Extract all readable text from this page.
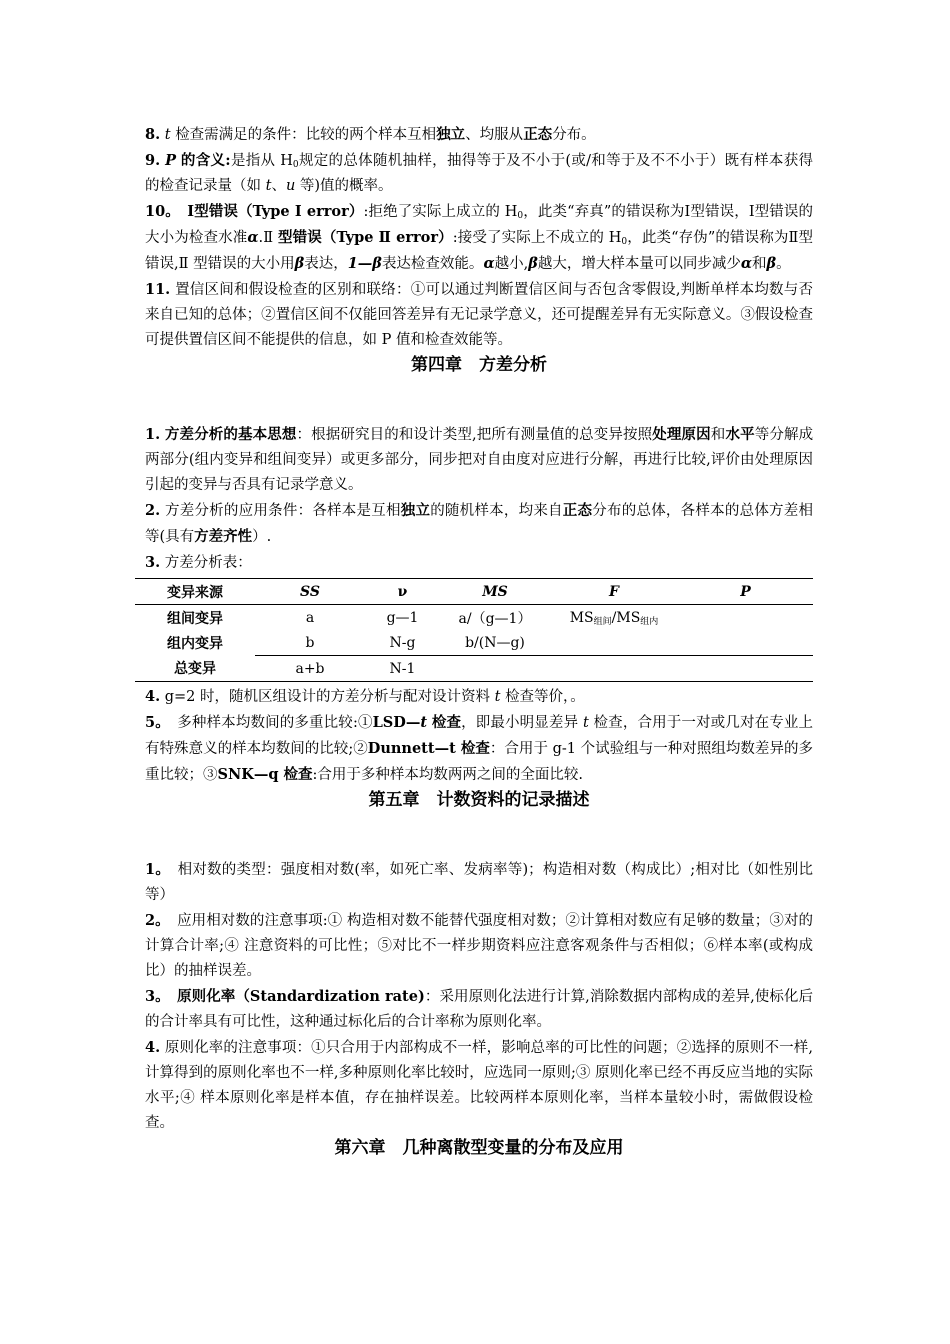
8. t 检查需满足的条件：比较的两个样本互相独立、均服从正态分布。

9. P 的含义:是指从 $H_0$规定的总体随机抽样，抽得等于及不小于(或/和等于及不不小于）既有样本获得的检查记录量（如 t、u 等)值的概率。

10。　 Ⅰ型错误（Type Ⅰ error）:拒绝了实际上成立的 $H_0$，此类“弃真”的错误称为Ⅰ型错误，Ⅰ型错误的大小为检查水准α.Ⅱ 型错误（Type Ⅱ error）:接受了实际上不成立的 $H_0$，此类“存伪”的错误称为Ⅱ型错误,Ⅱ 型错误的大小用β表达，1—β表达检查效能。α越小,β越大，增大样本量可以同步减少α和β。

11. 置信区间和假设检查的区别和联络：①可以通过判断置信区间与否包含零假设,判断单样本均数与否来自已知的总体；②置信区间不仅能回答差异有无记录学意义，还可提醒差异有无实际意义。③假设检查可提供置信区间不能提供的信息，如 P 值和检查效能等。

第四章　方差分析

1. 方差分析的基本思想：根据研究目的和设计类型,把所有测量值的总变异按照处理原因和水平等分解成两部分(组内变异和组间变异）或更多部分，同步把对自由度对应进行分解，再进行比较,评价由处理原因引起的变异与否具有记录学意义。

2. 方差分析的应用条件：各样本是互相独立的随机样本，均来自正态分布的总体，各样本的总体方差相等(具有方差齐性）.

3. 方差分析表：

变异来源	SS	ν	MS	F	P
组间变异	a	g—1	a/（g—1）	$MS_{组间}/MS_{组内}$	
组内变异	b	N-g	b/(N—g)		
总变异	a+b	N-1			

4. g=2 时，随机区组设计的方差分析与配对设计资料 t 检查等价，。

5。　 多种样本均数间的多重比较:①LSD—t 检查，即最小明显差异 t 检查，合用于一对或几对在专业上有特殊意义的样本均数间的比较;②Dunnett—t 检查：合用于 g-1 个试验组与一种对照组均数差异的多重比较；③SNK—q 检查:合用于多种样本均数两两之间的全面比较.

第五章　计数资料的记录描述

1。　 相对数的类型：强度相对数(率，如死亡率、发病率等)；构造相对数（构成比）;相对比（如性别比等）

2。　 应用相对数的注意事项:① 构造相对数不能替代强度相对数；②计算相对数应有足够的数量；③对的计算合计率;④ 注意资料的可比性；⑤对比不一样步期资料应注意客观条件与否相似；⑥样本率(或构成比）的抽样误差。

3。　 原则化率（Standardization rate)：采用原则化法进行计算,消除数据内部构成的差异,使标化后的合计率具有可比性，这种通过标化后的合计率称为原则化率。

4. 原则化率的注意事项：①只合用于内部构成不一样，影响总率的可比性的问题；②选择的原则不一样,计算得到的原则化率也不一样,多种原则化率比较时，应选同一原则;③ 原则化率已经不再反应当地的实际水平;④ 样本原则化率是样本值，存在抽样误差。比较两样本原则化率，当样本量较小时，需做假设检查。

第六章　几种离散型变量的分布及应用
